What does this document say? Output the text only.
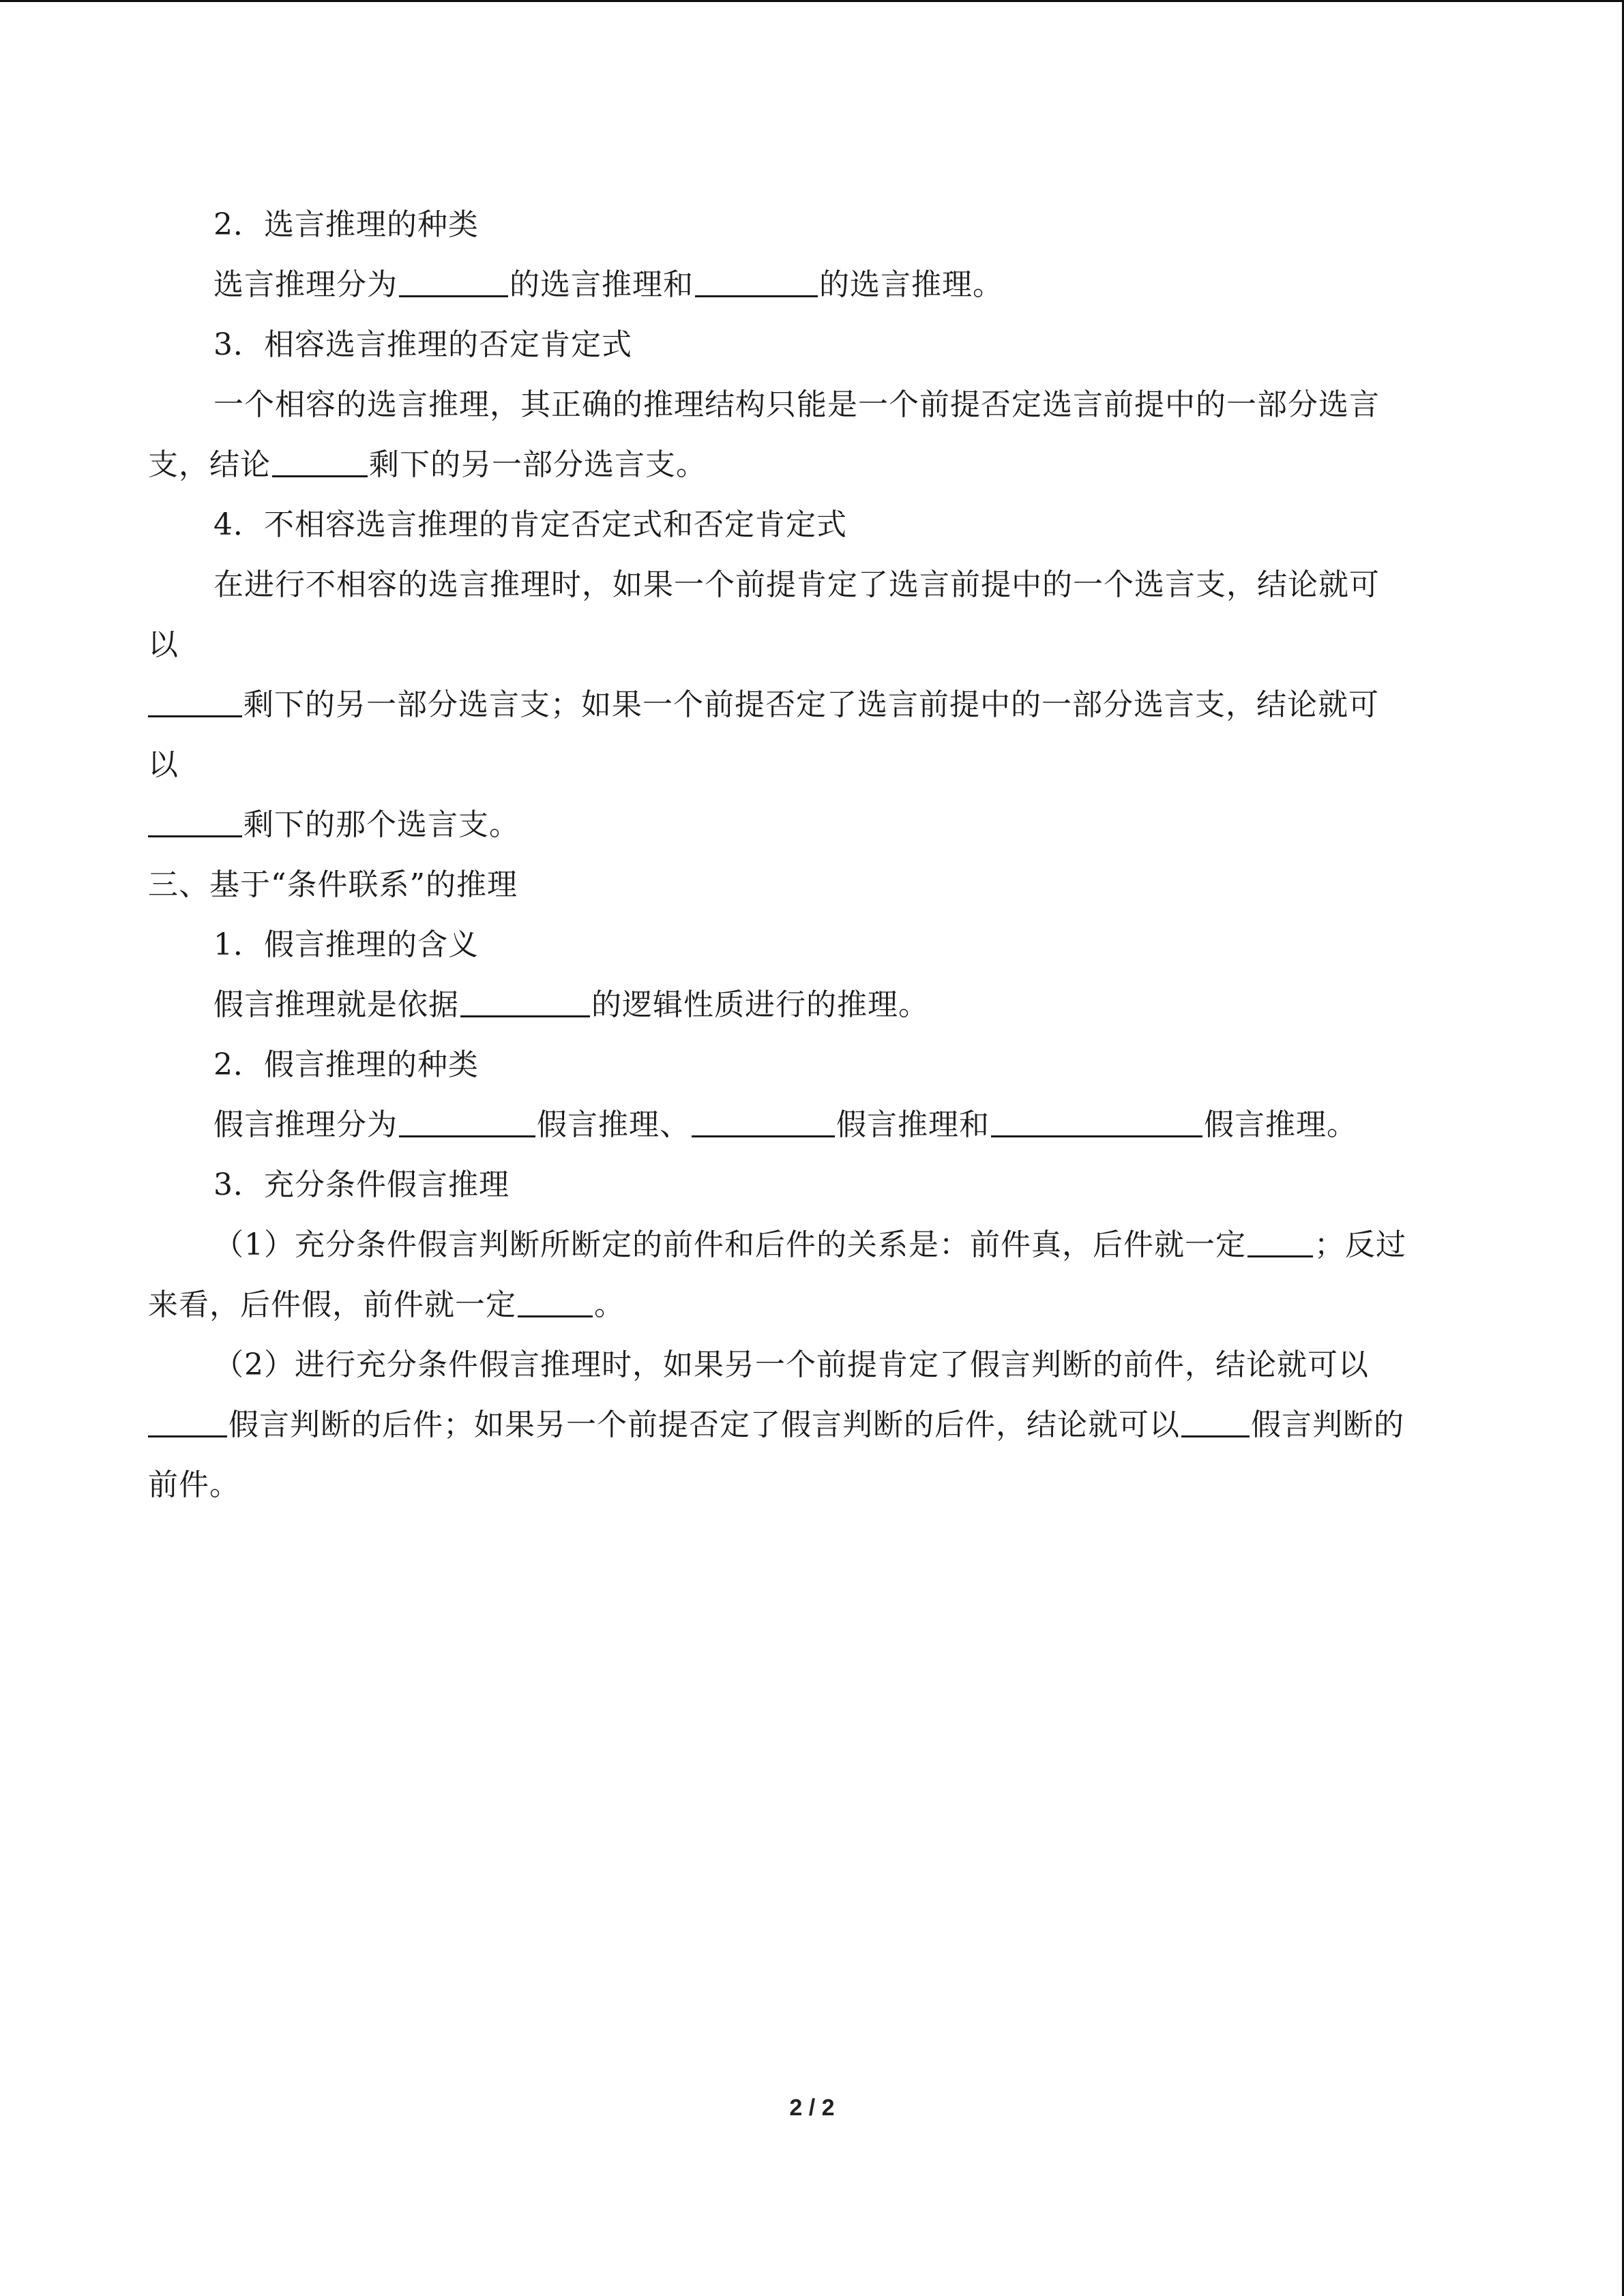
2．选言推理的种类
选言推理分为	的选言推理和	的选言推理。
3．相容选言推理的否定肯定式
一个相容的选言推理，其正确的推理结构只能是一个前提否定选言前提中的一部分选言
支，结论	剩下的另一部分选言支。
4．不相容选言推理的肯定否定式和否定肯定式
在进行不相容的选言推理时，如果一个前提肯定了选言前提中的一个选言支，结论就可
以
剩下的另一部分选言支；如果一个前提否定了选言前提中的一部分选言支，结论就可
以
剩下的那个选言支。
三、基于“条件联系”的推理
1．假言推理的含义
假言推理就是依据	的逻辑性质进行的推理。
2．假言推理的种类
假言推理分为	假言推理、	假言推理和	假言推理。
3．充分条件假言推理
（1）充分条件假言判断所断定的前件和后件的关系是：前件真，后件就一定 ；反过
来看，后件假，前件就一定	。
（2）进行充分条件假言推理时，如果另一个前提肯定了假言判断的前件，结论就可以
假言判断的后件；如果另一个前提否定了假言判断的后件，结论就可以 假言判断的
前件。
2 / 2
